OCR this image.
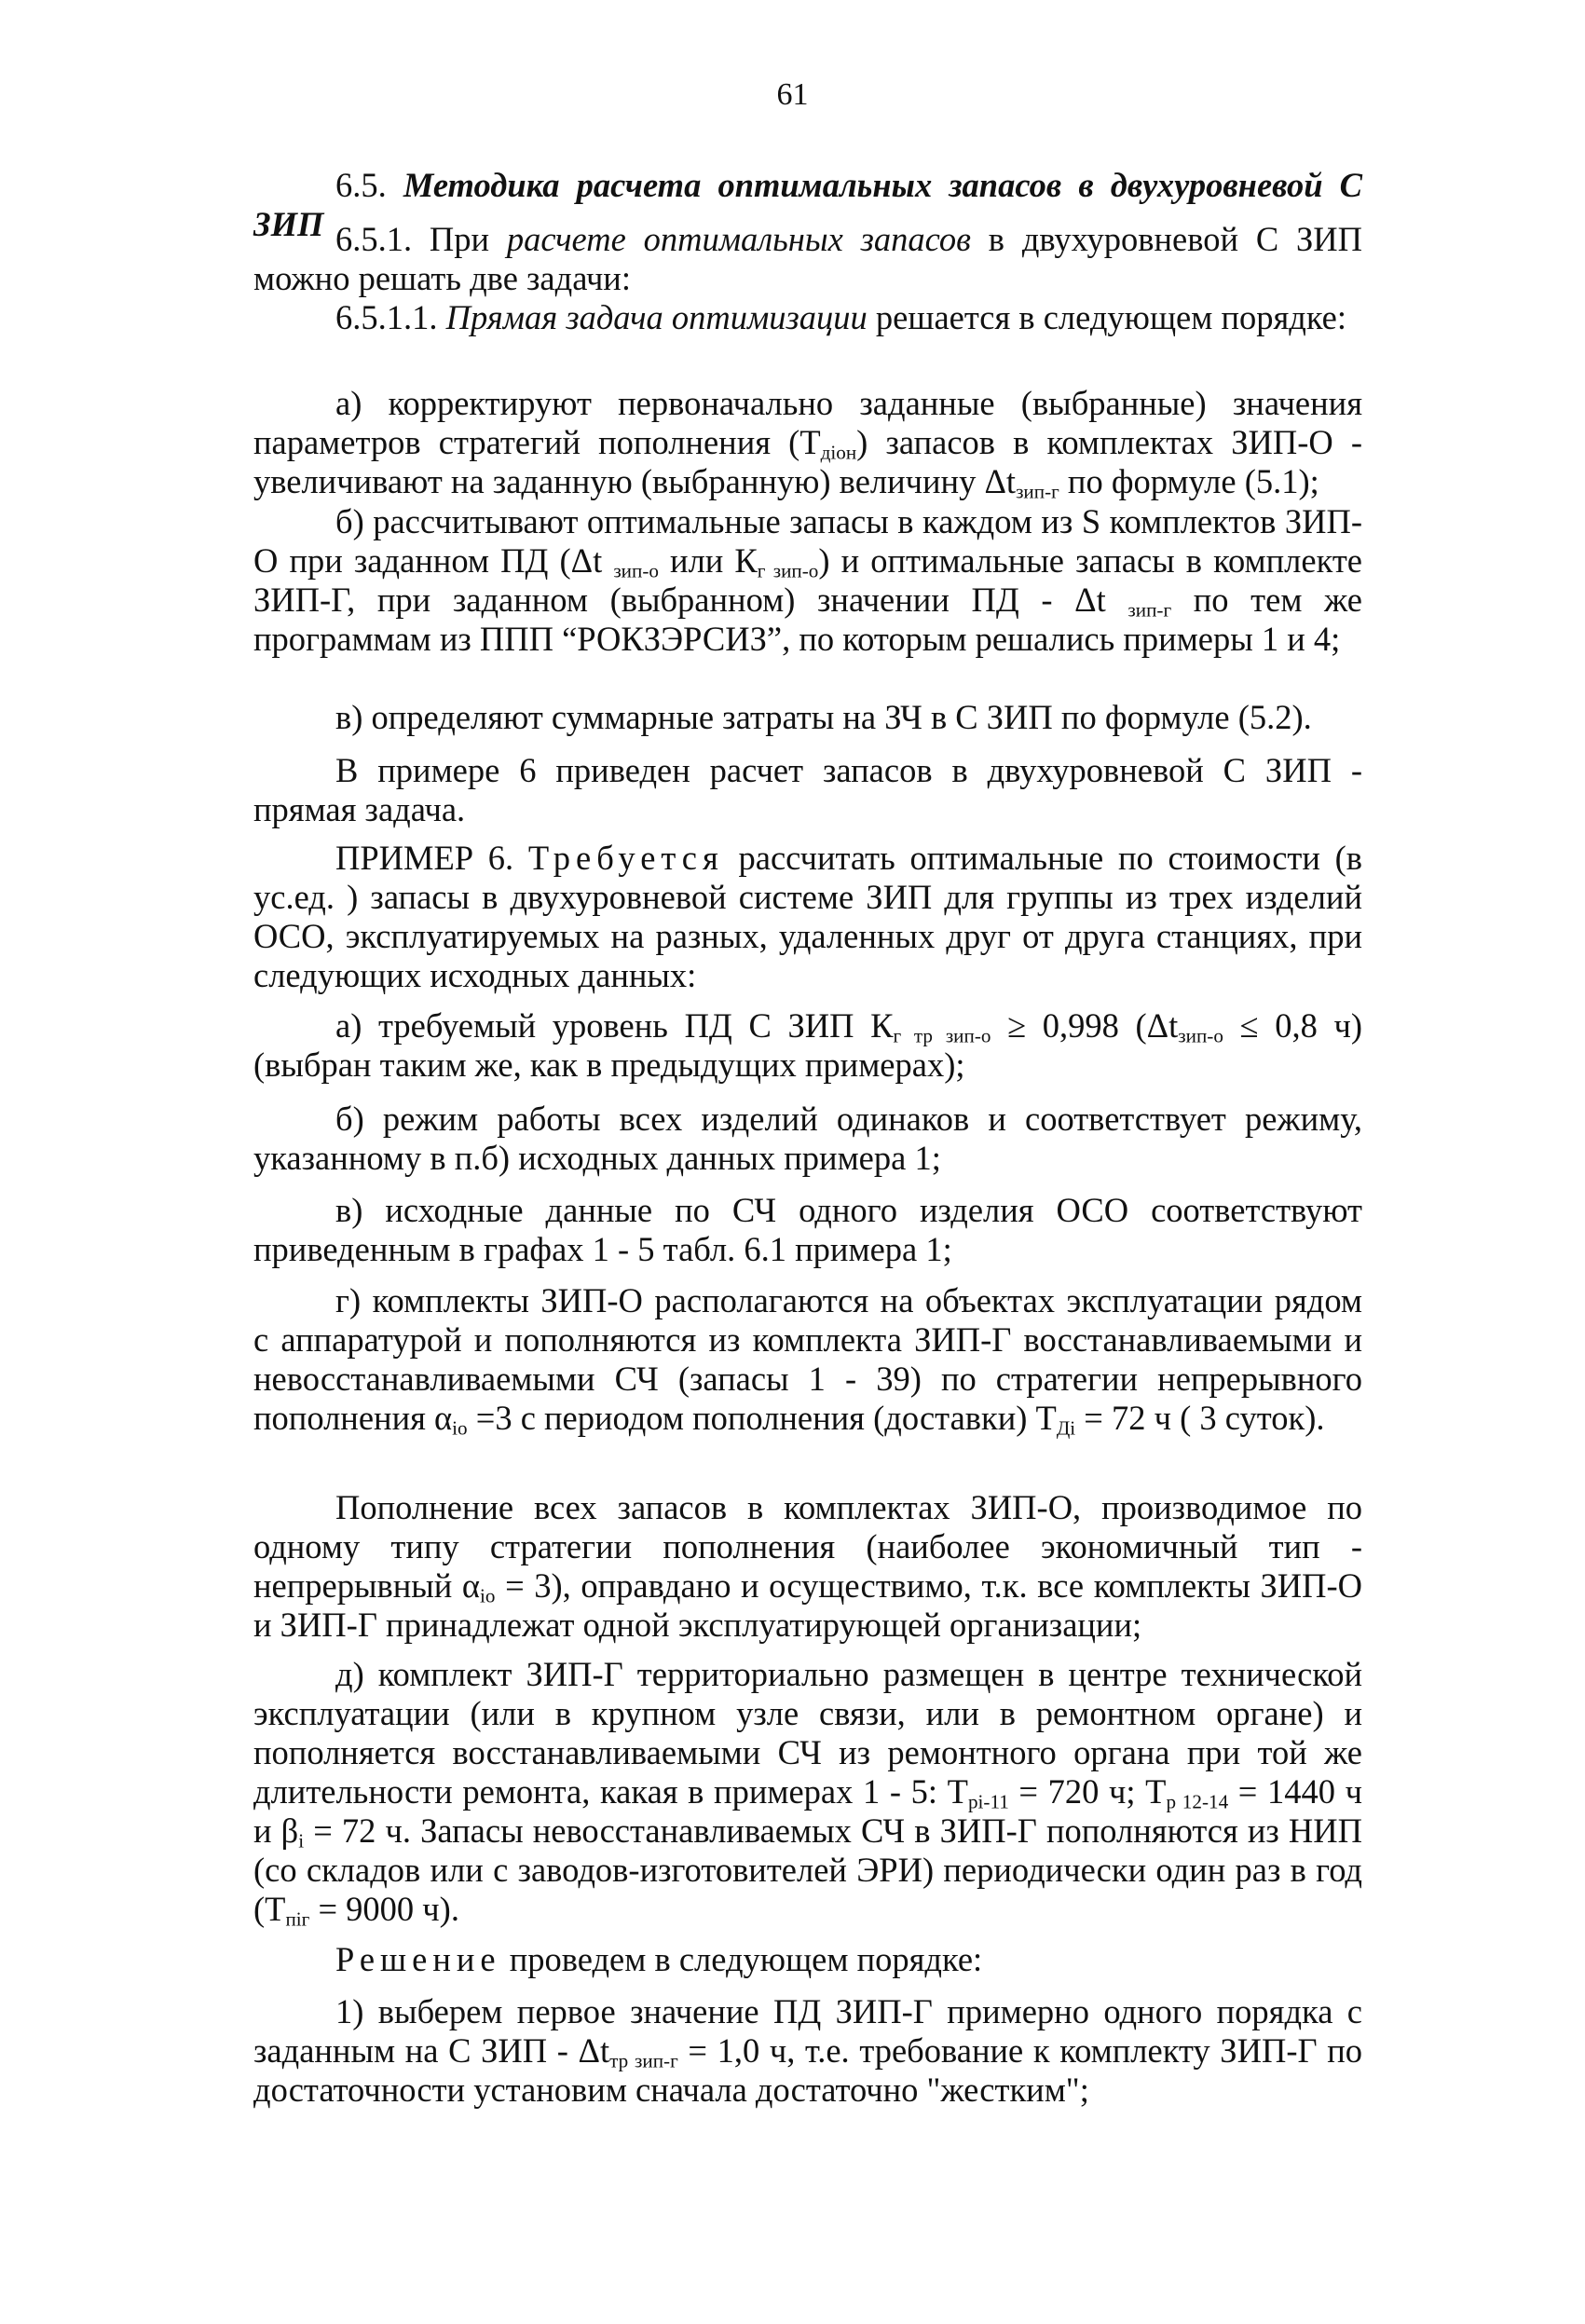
61
6.5. Методика расчета оптимальных запасов в двухуровневой С ЗИП 6.5.1. При расчете оптимальных запасов в двухуровневой С ЗИП можно решать две задачи:
6.5.1.1. Прямая задача оптимизации решается в следующем порядке:
а) корректируют первоначально заданные (выбранные) значения параметров стратегий пополнения $(Т_{діон})$ запасов в комплектах ЗИП-О - увеличивают на заданную (выбранную) величину $\Delta t_{зип-г}$ по формуле (5.1);
б) рассчитывают оптимальные запасы в каждом из S комплектов ЗИП-О при заданном ПД (Δt $_{зип-о}$ или $К_{г зип-о}$) и оптимальные запасы в комплекте ЗИП-Г, при заданном (выбранном) значении ПД - Δt $_{зип-г}$ по тем же программам из ППП “РОКЗЭРСИЗ”, по которым решались примеры 1 и 4;
в) определяют суммарные затраты на ЗЧ в С ЗИП по формуле (5.2).
В примере 6 приведен расчет запасов в двухуровневой С ЗИП - прямая задача.
ПРИМЕР 6. Требуется рассчитать оптимальные по стоимости (в ус.ед. ) запасы в двухуровневой системе ЗИП для группы из трех изделий ОСО, эксплуатируемых на разных, удаленных друг от друга станциях, при следующих исходных данных:
а) требуемый уровень ПД С ЗИП $К_{г тр зип-о} \ge 0,998$ ($\Delta t_{зип-о} \le 0,8$ ч) (выбран таким же, как в предыдущих примерах);
б) режим работы всех изделий одинаков и соответствует режиму, указанному в п.б) исходных данных примера 1;
в) исходные данные по СЧ одного изделия ОСО соответствуют приведенным в графах 1 - 5 табл. 6.1 примера 1;
г) комплекты ЗИП-О располагаются на объектах эксплуатации рядом с аппаратурой и пополняются из комплекта ЗИП-Г восстанавливаемыми и невосстанавливаемыми СЧ (запасы 1 - 39) по стратегии непрерывного пополнения $\alpha_{іо} =3$ с периодом пополнения (доставки) $Т_{Ді} = 72$ ч ( 3 суток).
Пополнение всех запасов в комплектах ЗИП-О, производимое по одному типу стратегии пополнения (наиболее экономичный тип - непрерывный $\alpha_{іо} = 3$), оправдано и осуществимо, т.к. все комплекты ЗИП-О и ЗИП-Г принадлежат одной эксплуатирующей организации;
д) комплект ЗИП-Г территориально размещен в центре технической эксплуатации (или в крупном узле связи, или в ремонтном органе) и пополняется восстанавливаемыми СЧ из ремонтного органа при той же длительности ремонта, какая в примерах 1 - 5: $Т_{рі-11} = 720$ ч; $Т_{р 12-14} = 1440$ ч и $\beta_і = 72$ ч. Запасы невосстанавливаемых СЧ в ЗИП-Г пополняются из НИП (со складов или с заводов-изготовителей ЭРИ) периодически один раз в год ($Т_{піг} = 9000$ ч).
Решение проведем в следующем порядке:
1) выберем первое значение ПД ЗИП-Г примерно одного порядка с заданным на С ЗИП - $\Delta t_{тр зип-г} = 1,0$ ч, т.е. требование к комплекту ЗИП-Г по достаточности установим сначала достаточно "жестким";
